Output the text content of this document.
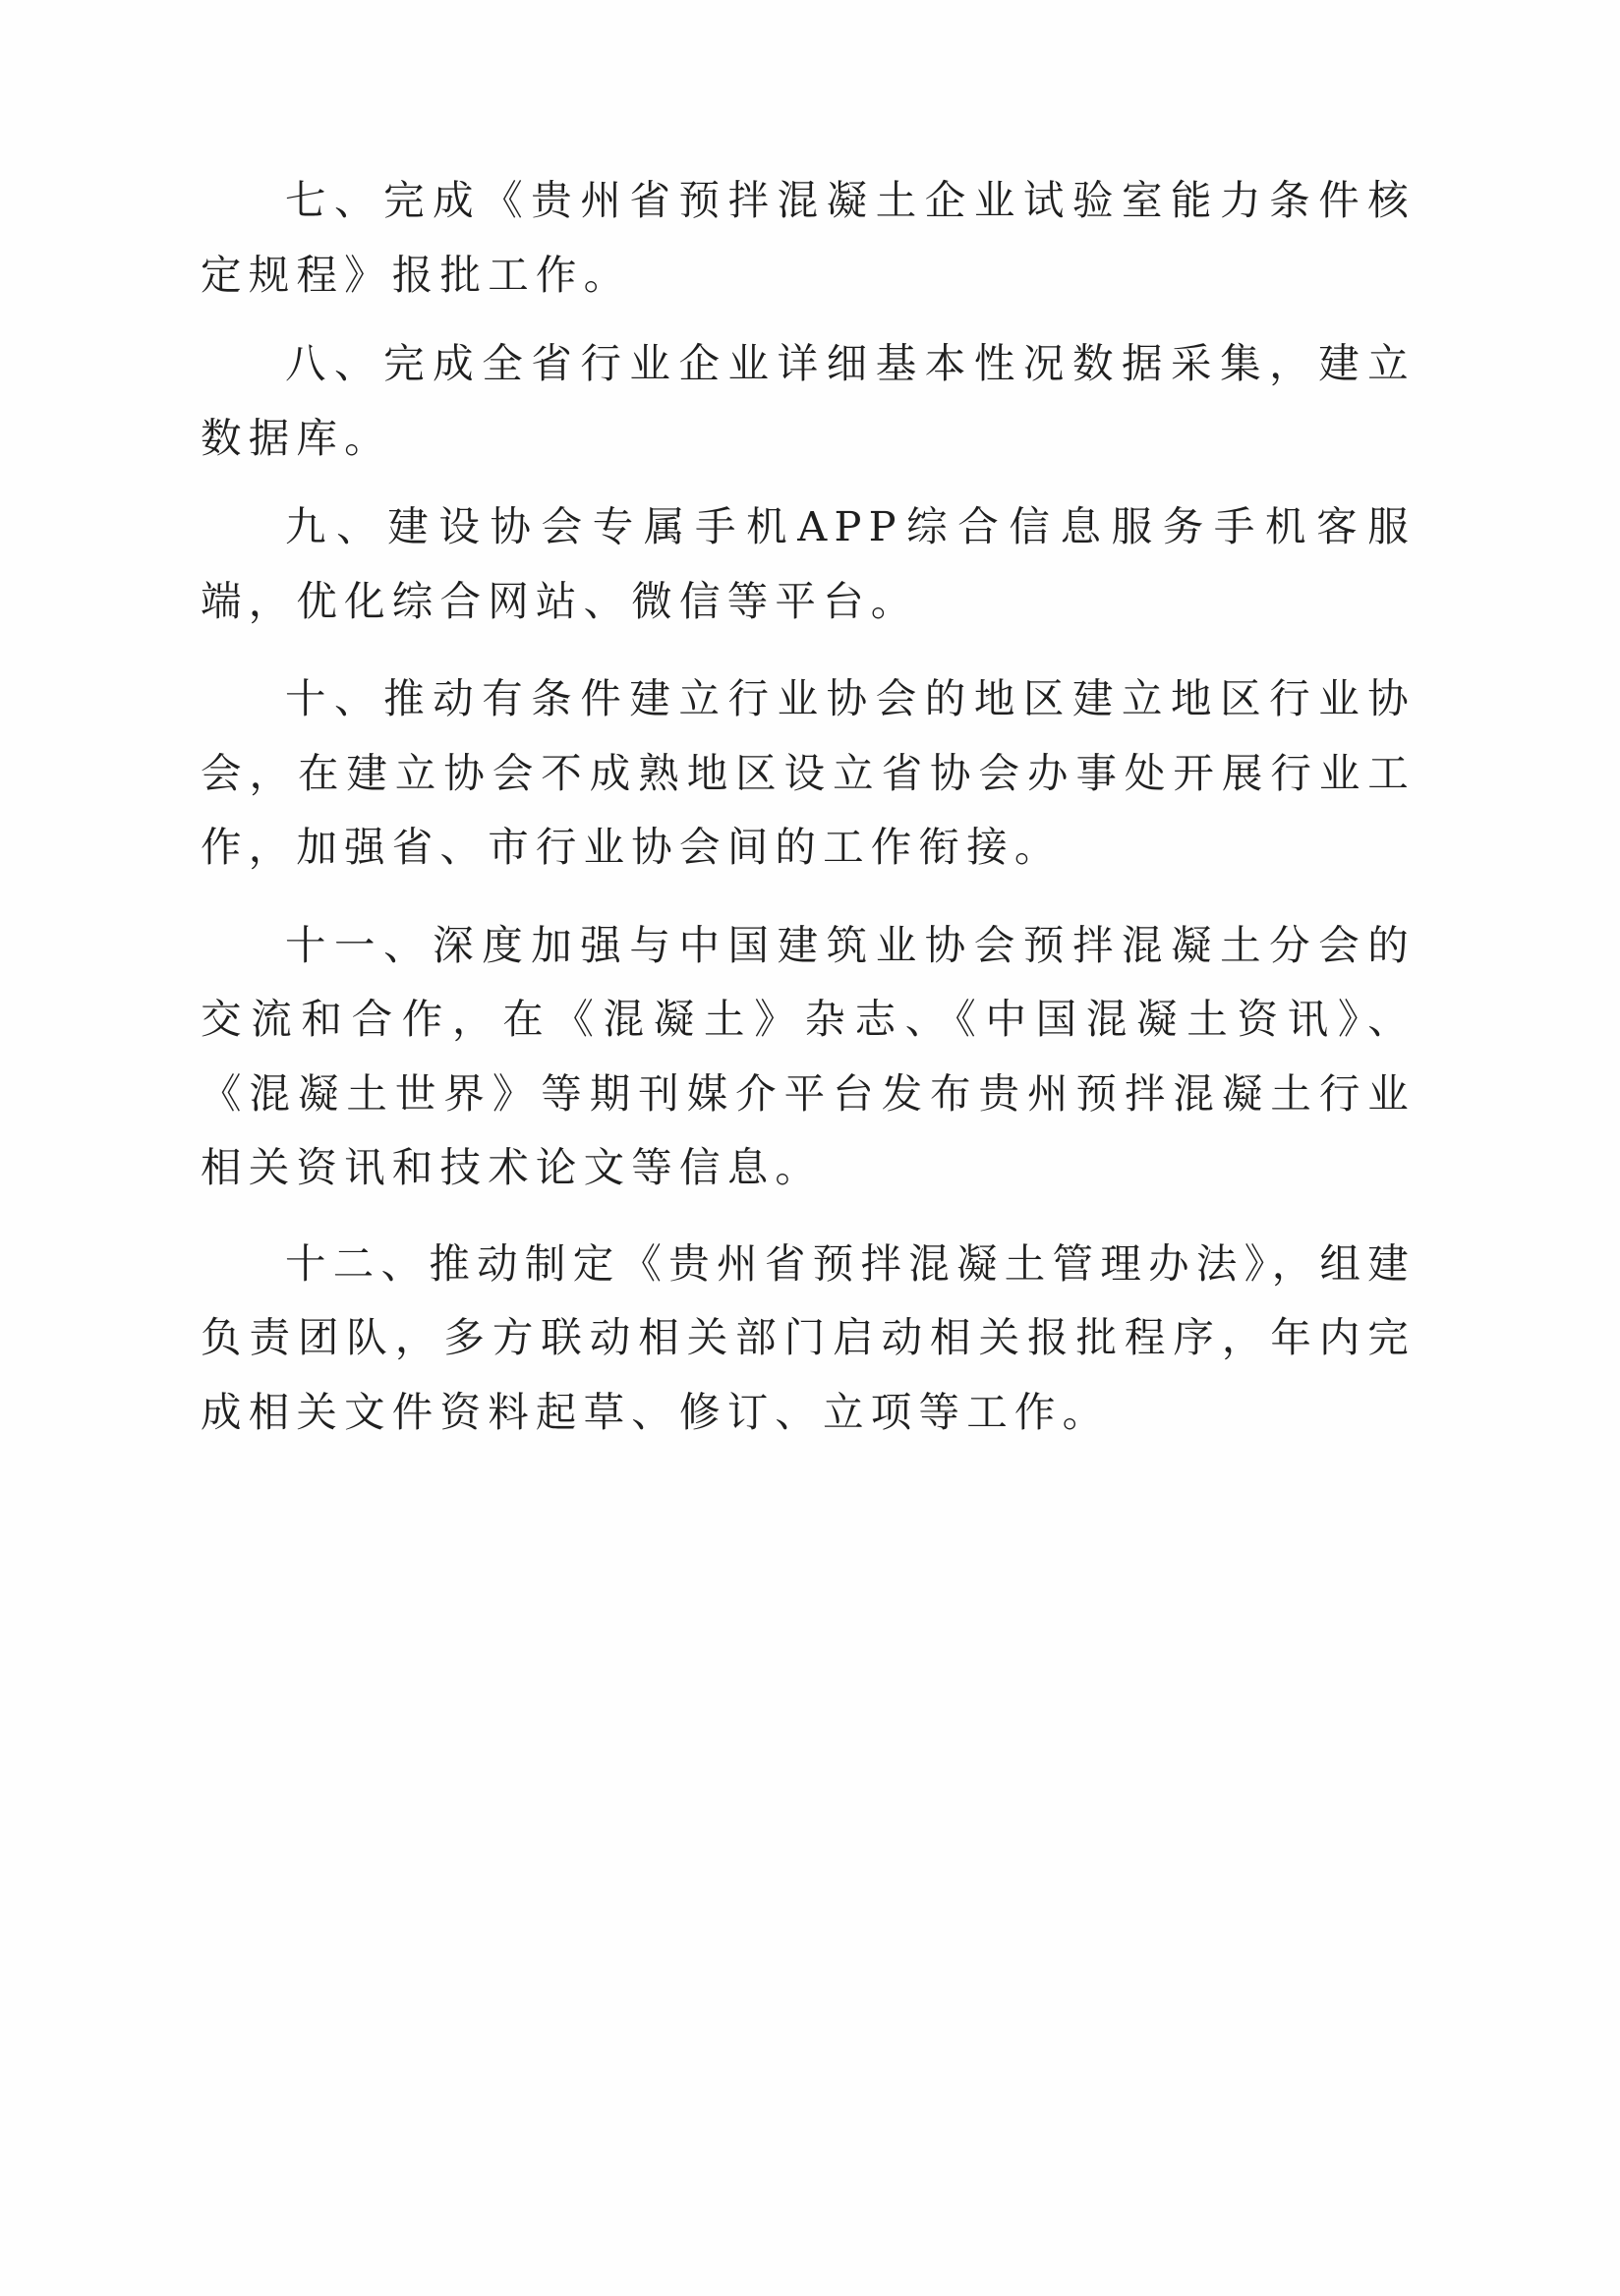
七、完成《贵州省预拌混凝土企业试验室能力条件核定规程》报批工作。

八、完成全省行业企业详细基本性况数据采集，建立数据库。

九、建设协会专属手机APP综合信息服务手机客服端，优化综合网站、微信等平台。

十、推动有条件建立行业协会的地区建立地区行业协会，在建立协会不成熟地区设立省协会办事处开展行业工作，加强省、市行业协会间的工作衔接。

十一、深度加强与中国建筑业协会预拌混凝土分会的交流和合作，在《混凝土》杂志、《中国混凝土资讯》、《混凝土世界》等期刊媒介平台发布贵州预拌混凝土行业相关资讯和技术论文等信息。

十二、推动制定《贵州省预拌混凝土管理办法》，组建负责团队，多方联动相关部门启动相关报批程序，年内完成相关文件资料起草、修订、立项等工作。
